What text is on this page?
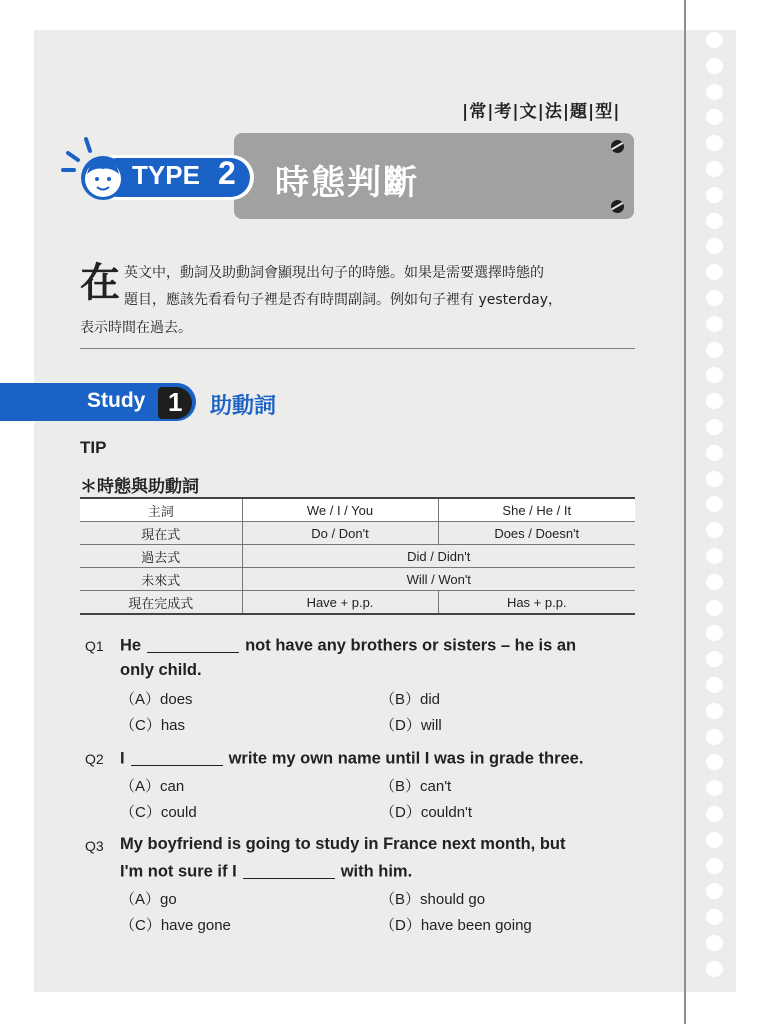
|常|考|文|法|題|型|
時態判斷
TYPE 2
在 英文中，動詞及助動詞會顯現出句子的時態。如果是需要選擇時態的
題目，應該先看看句子裡是否有時間副詞。例如句子裡有 yesterday，
表示時間在過去。
Study 1 助動詞
TIP
＊時態與助動詞
主詞	We / I / You	She / He / It
現在式	Do / Don't	Does / Doesn't
過去式	Did / Didn't	
未來式	Will / Won't	
現在完成式	Have + p.p.	Has + p.p.
Q1 He	not have any brothers or sisters – he is an
only child.
（A）does	（B）did
（C）has	（D）will
Q2 I	write my own name until I was in grade three.
（A）can	（B）can't
（C）could	（D）couldn't
Q3 My boyfriend is going to study in France next month, but
I'm not sure if I	with him.
（A）go	（B）should go
（C）have gone	（D）have been going
